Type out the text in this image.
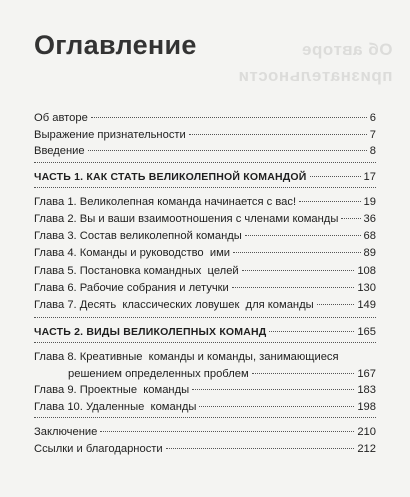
Об авторе
признательности
Оглавление
Об авторе	6
Выражение признательности	7
Введение	8
ЧАСТЬ 1. КАК СТАТЬ ВЕЛИКОЛЕПНОЙ КОМАНДОЙ	17
Глава 1. Великолепная команда начинается с вас!	19
Глава 2. Вы и ваши взаимоотношения с членами команды 36
Глава 3. Состав великолепной команды	68
Глава 4. Команды и руководство  ими	89
Глава 5. Постановка командных  целей	108
Глава 6. Рабочие собрания и летучки	130
Глава 7. Десять  классических ловушек  для команды	149
ЧАСТЬ 2. ВИДЫ ВЕЛИКОЛЕПНЫХ КОМАНД	165
Глава 8. Креативные  команды и команды, занимающиеся
решением определенных проблем	167
Глава 9. Проектные  команды	183
Глава 10. Удаленные  команды	198
Заключение	210
Ссылки и благодарности	212
